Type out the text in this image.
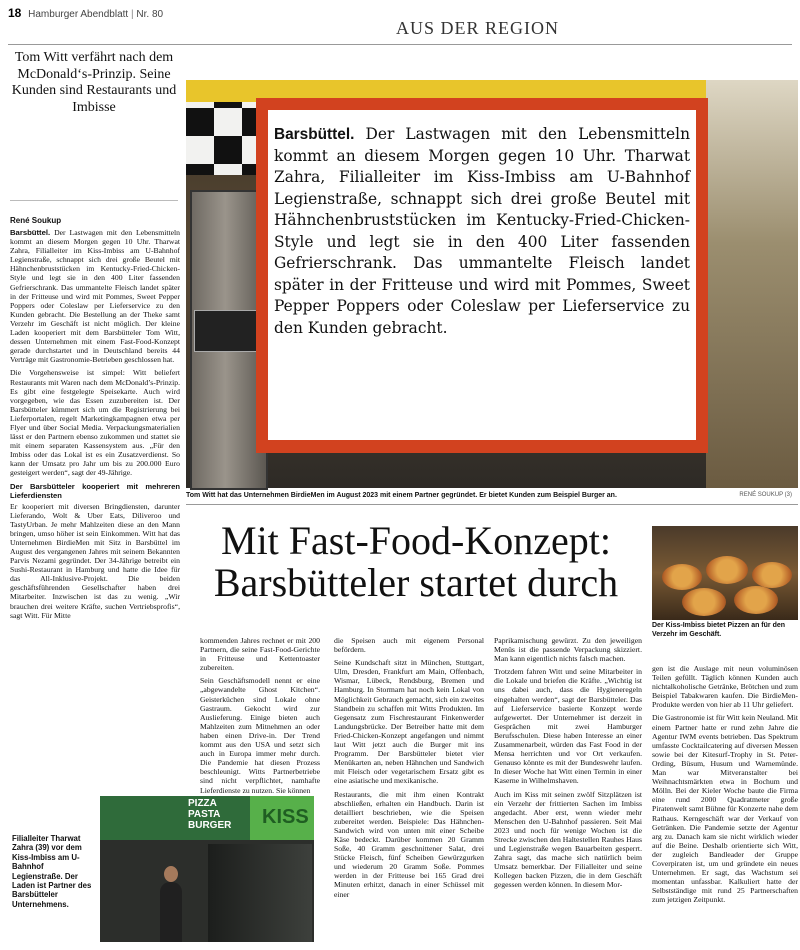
18 Hamburger Abendblatt | Nr. 80
AUS DER REGION
Tom Witt verfährt nach dem McDonald‘s-Prinzip. Seine Kunden sind Restaurants und Imbisse
René Soukup

Barsbüttel. Der Lastwagen mit den Lebensmitteln kommt an diesem Morgen gegen 10 Uhr. Tharwat Zahra, Filialleiter im Kiss-Imbiss am U-Bahnhof Legienstraße, schnappt sich drei große Beutel mit Hähnchenbruststücken im Kentucky-Fried-Chicken-Style und legt sie in den 400 Liter fassenden Gefrierschrank. Das ummantelte Fleisch landet später in der Fritteuse und wird mit Pommes, Sweet Pepper Poppers oder Coleslaw per Lieferservice zu den Kunden gebracht. Die Bestellung an der Theke samt Verzehr im Geschäft ist nicht möglich. Der kleine Laden kooperiert mit dem Barsbütteler Tom Witt, dessen Unternehmen mit einem Fast-Food-Konzept gerade durchstartet und in Deutschland bereits 44 Verträge mit Gastronomie-Betrieben geschlossen hat.

Die Vorgehensweise ist simpel: Witt beliefert Restaurants mit Waren nach dem McDonald’s-Prinzip. Es gibt eine festgelegte Speisekarte. Auch wird vorgegeben, wie das Essen zuzubereiten ist. Der Barsbütteler kümmert sich um die Registrierung bei Lieferportalen, regelt Marketingkampagnen etwa per Flyer und über Social Media. Verpackungsmaterialien lässt er den Partnern ebenso zukommen und stattet sie mit einem separaten Kassensystem aus. „Für den Imbiss oder das Lokal ist es ein Zusatzverdienst. So kann der Umsatz pro Jahr um bis zu 200.000 Euro gesteigert werden“, sagt der 49-Jährige.

Der Barsbütteler kooperiert mit mehreren Lieferdiensten

Er kooperiert mit diversen Bringdiensten, darunter Lieferando, Wolt & Uber Eats, Diliveroo und TastyUrban. Je mehr Mahlzeiten diese an den Mann bringen, umso höher ist sein Einkommen. Witt hat das Unternehmen BirdieMen mit Sitz in Barsbüttel im August des vergangenen Jahres mit seinem Bekannten Parvis Nezami gegründet. Der 34-Jährige betreibt ein Sushi-Restaurant in Hamburg und hatte die Idee für das All-Inklusive-Projekt. Die beiden geschäftsführenden Gesellschafter haben drei Mitarbeiter. Inzwischen ist das zu wenig. „Wir brauchen drei weitere Kräfte, suchen Vertriebsprofis“, sagt Witt. Für Mitte

Barsbüttel. Der Lastwagen mit den Lebensmitteln kommt an diesem Morgen gegen 10 Uhr. Tharwat Zahra, Filialleiter im Kiss-Imbiss am U-Bahnhof Legienstraße, schnappt sich drei große Beutel mit Hähnchenbruststücken im Kentucky-Fried-Chicken-Style und legt sie in den 400 Liter fassenden Gefrierschrank. Das ummantelte Fleisch landet später in der Fritteuse und wird mit Pommes, Sweet Pepper Poppers oder Coleslaw per Lieferservice zu den Kunden gebracht.
Tom Witt hat das Unternehmen BirdieMen im August 2023 mit einem Partner gegründet. Er bietet Kunden zum Beispiel Burger an.	RENÉ SOUKUP (3)
Mit Fast-Food-Konzept:
Barsbütteler startet durch
Der Kiss-Imbiss bietet Pizzen an für den Verzehr im Geschäft.

kommenden Jahres rechnet er mit 200 Partnern, die seine Fast-Food-Gerichte in Fritteuse und Kettentoaster zubereiten.

Sein Geschäftsmodell nennt er eine „abgewandelte Ghost Kitchen“. Geisterküchen sind Lokale ohne Gastraum. Gekocht wird zur Auslieferung. Einige bieten auch Mahlzeiten zum Mitnehmen an oder haben einen Drive-in. Der Trend kommt aus den USA und setzt sich auch in Europa immer mehr durch. Die Pandemie hat diesen Prozess beschleunigt. Witts Partnerbetriebe sind nicht verpflichtet, namhafte Lieferdienste zu nutzen. Sie können

die Speisen auch mit eigenem Personal befördern.

Seine Kundschaft sitzt in München, Stuttgart, Ulm, Dresden, Frankfurt am Main, Offenbach, Wismar, Lübeck, Rendsburg, Bremen und Hamburg. In Stormarn hat noch kein Lokal von Möglichkeit Gebrauch gemacht, sich ein zweites Standbein zu schaffen mit Witts Produkten. Im Gegensatz zum Fischrestaurant Finkenwerder Landungsbrücke. Der Betreiber hatte mit dem Fried-Chicken-Konzept angefangen und nimmt laut Witt jetzt auch die Burger mit ins Programm. Der Barsbütteler bietet vier Menükarten an, neben Hähnchen und Sandwich mit Fleisch oder vegetarischem Ersatz gibt es eine asiatische und mexikanische.

Restaurants, die mit ihm einen Kontrakt abschließen, erhalten ein Handbuch. Darin ist detailliert beschrieben, wie die Speisen zubereitet werden. Beispiele: Das Hähnchen-Sandwich wird von unten mit einer Scheibe Käse bedeckt. Darüber kommen 20 Gramm Soße, 40 Gramm geschnittener Salat, drei Stücke Fleisch, fünf Scheiben Gewürzgurken und wiederum 20 Gramm Soße. Pommes werden in der Fritteuse bei 165 Grad drei Minuten erhitzt, danach in einer Schüssel mit einer

Paprikamischung gewürzt. Zu den jeweiligen Menüs ist die passende Verpackung skizziert. Man kann eigentlich nichts falsch machen.

Trotzdem fahren Witt und seine Mitarbeiter in die Lokale und briefen die Kräfte. „Wichtig ist uns dabei auch, dass die Hygieneregeln eingehalten werden“, sagt der Barsbütteler. Das auf Lieferservice basierte Konzept werde aufgewertet. Der Unternehmer ist derzeit in Gesprächen mit zwei Hamburger Berufsschulen. Diese haben Interesse an einer Zusammenarbeit, würden das Fast Food in der Mensa herrichten und vor Ort verkaufen. Genauso könnte es mit der Bundeswehr laufen. In dieser Woche hat Witt einen Termin in einer Kaserne in Wilhelmshaven.

Auch im Kiss mit seinen zwölf Sitzplätzen ist ein Verzehr der frittierten Sachen im Imbiss angedacht. Aber erst, wenn wieder mehr Menschen den U-Bahnhof passieren. Seit Mai 2023 und noch für wenige Wochen ist die Strecke zwischen den Haltestellen Rauhes Haus und Legienstraße wegen Bauarbeiten gesperrt. Zahra sagt, das mache sich natürlich beim Umsatz bemerkbar. Der Filialleiter und seine Kollegen backen Pizzen, die in dem Geschäft gegessen werden können. In diesem Mor-

gen ist die Auslage mit neun voluminösen Teilen gefüllt. Täglich können Kunden auch nichtalkoholische Getränke, Brötchen und zum Beispiel Tabakwaren kaufen. Die BirdieMen-Produkte werden von hier ab 11 Uhr geliefert.

Die Gastronomie ist für Witt kein Neuland. Mit einem Partner hatte er rund zehn Jahre die Agentur IWM events betrieben. Das Spektrum umfasste Cocktailcatering auf diversen Messen sowie bei der Kitesurf-Trophy in St. Peter-Ording, Büsum, Husum und Warnemünde. Man war Mitveranstalter bei Weihnachtsmärkten etwa in Bochum und Mölln. Bei der Kieler Woche baute die Firma eine rund 2000 Quadratmeter große Piratenwelt samt Bühne für Konzerte nahe dem Rathaus. Kerngeschäft war der Verkauf von Getränken. Die Pandemie setzte der Agentur arg zu. Danach kam sie nicht wirklich wieder auf die Beine. Deshalb orientierte sich Witt, der zugleich Bandleader der Gruppe Coverpiraten ist, um und gründete ein neues Unternehmen. Er sagt, das Wachstum sei momentan unfassbar. Kalkuliert hatte der Selbstständige mit rund 25 Partnerschaften zum jetzigen Zeitpunkt.

PIZZA PASTA BURGER	KISS
Filialleiter Tharwat Zahra (39) vor dem Kiss-Imbiss am U-Bahnhof Legienstraße. Der Laden ist Partner des Barsbütteler Unternehmens.
